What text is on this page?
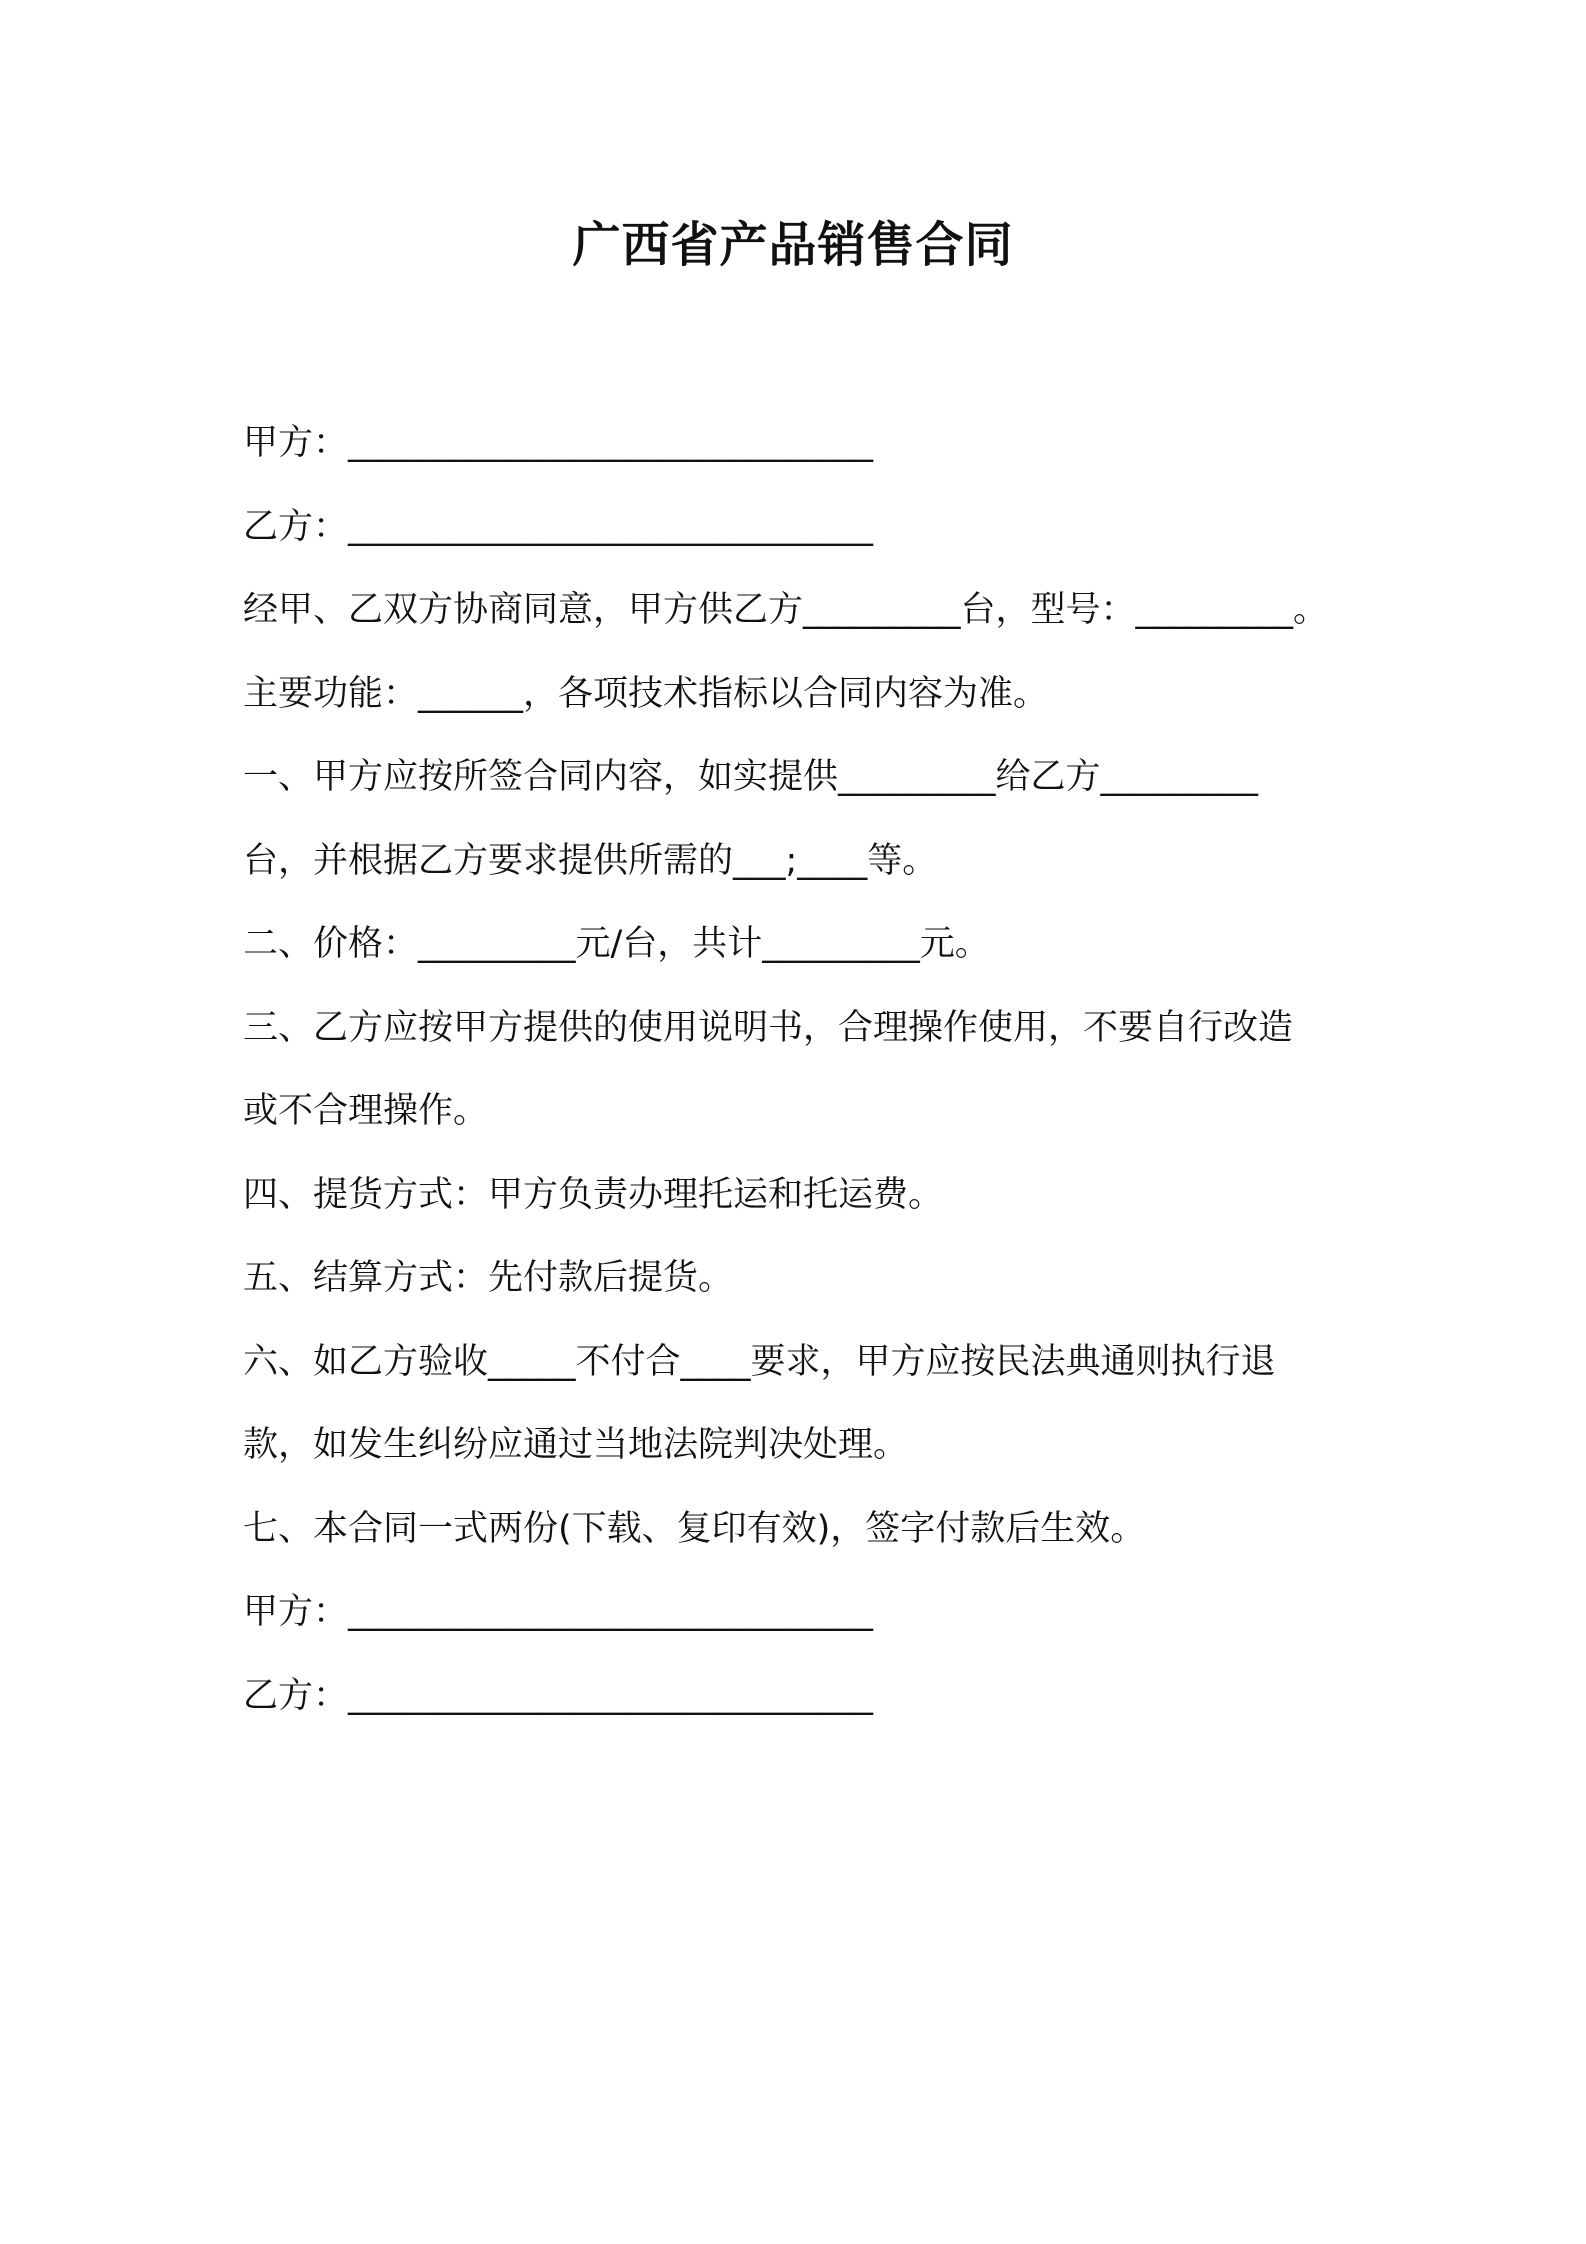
广西省产品销售合同

甲方：______________________________

乙方：______________________________

经甲、乙双方协商同意，甲方供乙方_________台，型号：_________。

主要功能：______，各项技术指标以合同内容为准。

一、甲方应按所签合同内容，如实提供_________给乙方_________

台，并根据乙方要求提供所需的___;____等。

二、价格：_________元/台，共计_________元。

三、乙方应按甲方提供的使用说明书，合理操作使用，不要自行改造

或不合理操作。

四、提货方式：甲方负责办理托运和托运费。

五、结算方式：先付款后提货。

六、如乙方验收_____不付合____要求，甲方应按民法典通则执行退

款，如发生纠纷应通过当地法院判决处理。

七、本合同一式两份(下载、复印有效)，签字付款后生效。

甲方：______________________________

乙方：______________________________
